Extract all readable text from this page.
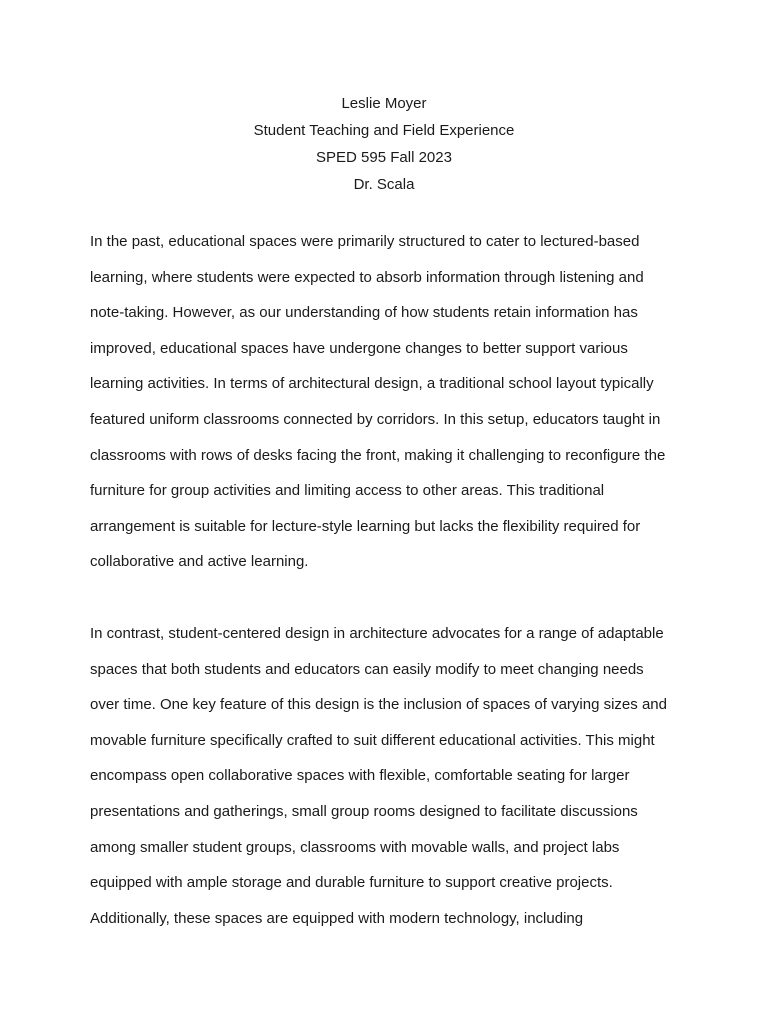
Leslie Moyer

Student Teaching and Field Experience

SPED 595 Fall 2023

Dr. Scala

In the past, educational spaces were primarily structured to cater to lectured-based
learning, where students were expected to absorb information through listening and
note-taking. However, as our understanding of how students retain information has
improved, educational spaces have undergone changes to better support various
learning activities. In terms of architectural design, a traditional school layout typically
featured uniform classrooms connected by corridors. In this setup, educators taught in
classrooms with rows of desks facing the front, making it challenging to reconfigure the
furniture for group activities and limiting access to other areas. This traditional
arrangement is suitable for lecture-style learning but lacks the flexibility required for
collaborative and active learning.
In contrast, student-centered design in architecture advocates for a range of adaptable
spaces that both students and educators can easily modify to meet changing needs
over time. One key feature of this design is the inclusion of spaces of varying sizes and
movable furniture specifically crafted to suit different educational activities. This might
encompass open collaborative spaces with flexible, comfortable seating for larger
presentations and gatherings, small group rooms designed to facilitate discussions
among smaller student groups, classrooms with movable walls, and project labs
equipped with ample storage and durable furniture to support creative projects.
Additionally, these spaces are equipped with modern technology, including
